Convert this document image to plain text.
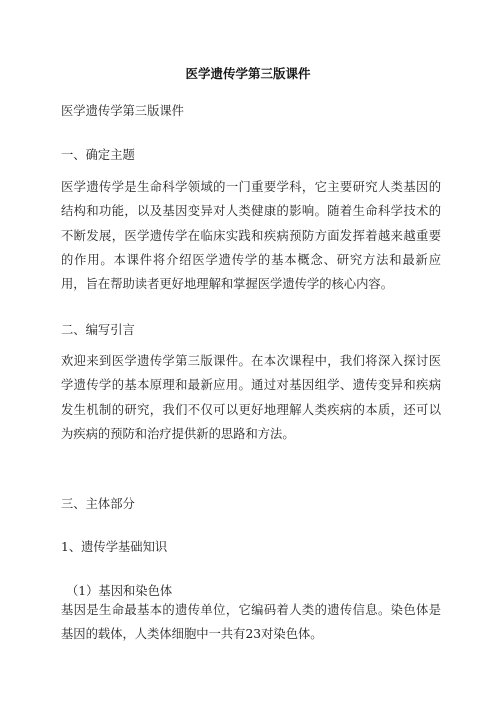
医学遗传学第三版课件
医学遗传学第三版课件
一、确定主题

医学遗传学是生命科学领域的一门重要学科，它主要研究人类基因的结构和功能，以及基因变异对人类健康的影响。随着生命科学技术的不断发展，医学遗传学在临床实践和疾病预防方面发挥着越来越重要的作用。本课件将介绍医学遗传学的基本概念、研究方法和最新应用，旨在帮助读者更好地理解和掌握医学遗传学的核心内容。

二、编写引言

欢迎来到医学遗传学第三版课件。在本次课程中，我们将深入探讨医学遗传学的基本原理和最新应用。通过对基因组学、遗传变异和疾病发生机制的研究，我们不仅可以更好地理解人类疾病的本质，还可以为疾病的预防和治疗提供新的思路和方法。

三、主体部分
1、遗传学基础知识
（1）基因和染色体

基因是生命最基本的遗传单位，它编码着人类的遗传信息。染色体是基因的载体，人类体细胞中一共有23对染色体。
